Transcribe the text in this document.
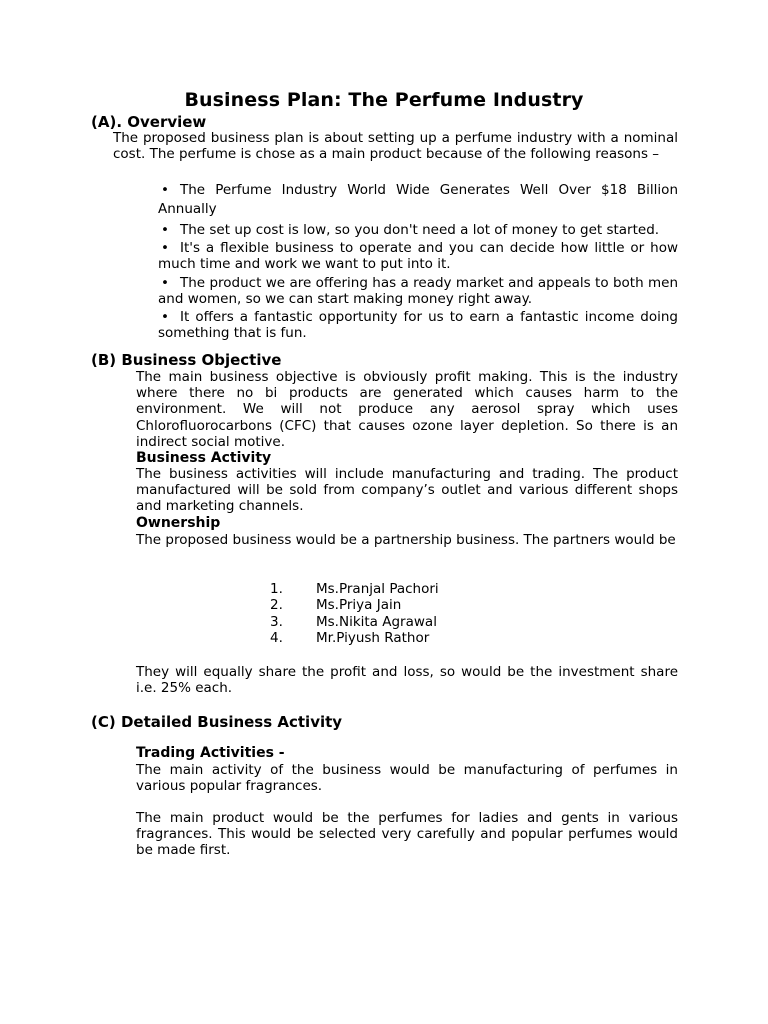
Business Plan: The Perfume Industry
(A). Overview
The proposed business plan is about setting up a perfume industry with a nominal cost. The perfume is chose as a main product because of the following reasons –
• The Perfume Industry World Wide Generates Well Over $18 Billion Annually
• The set up cost is low, so you don't need a lot of money to get started.
• It's a flexible business to operate and you can decide how little or how much time and work we want to put into it.
• The product we are offering has a ready market and appeals to both men and women, so we can start making money right away.
• It offers a fantastic opportunity for us to earn a fantastic income doing something that is fun.
(B) Business Objective
The main business objective is obviously profit making. This is the industry where there no bi products are generated which causes harm to the environment. We will not produce any aerosol spray which uses Chlorofluorocarbons (CFC) that causes ozone layer depletion. So there is an indirect social motive.
Business Activity
The business activities will include manufacturing and trading. The product manufactured will be sold from company’s outlet and various different shops and marketing channels.
Ownership
The proposed business would be a partnership business. The partners would be
1. Ms.Pranjal Pachori
2. Ms.Priya Jain
3. Ms.Nikita Agrawal
4. Mr.Piyush Rathor
They will equally share the profit and loss, so would be the investment share i.e. 25% each.
(C) Detailed Business Activity
Trading Activities -
The main activity of the business would be manufacturing of perfumes in various popular fragrances.
The main product would be the perfumes for ladies and gents in various fragrances. This would be selected very carefully and popular perfumes would be made first.
